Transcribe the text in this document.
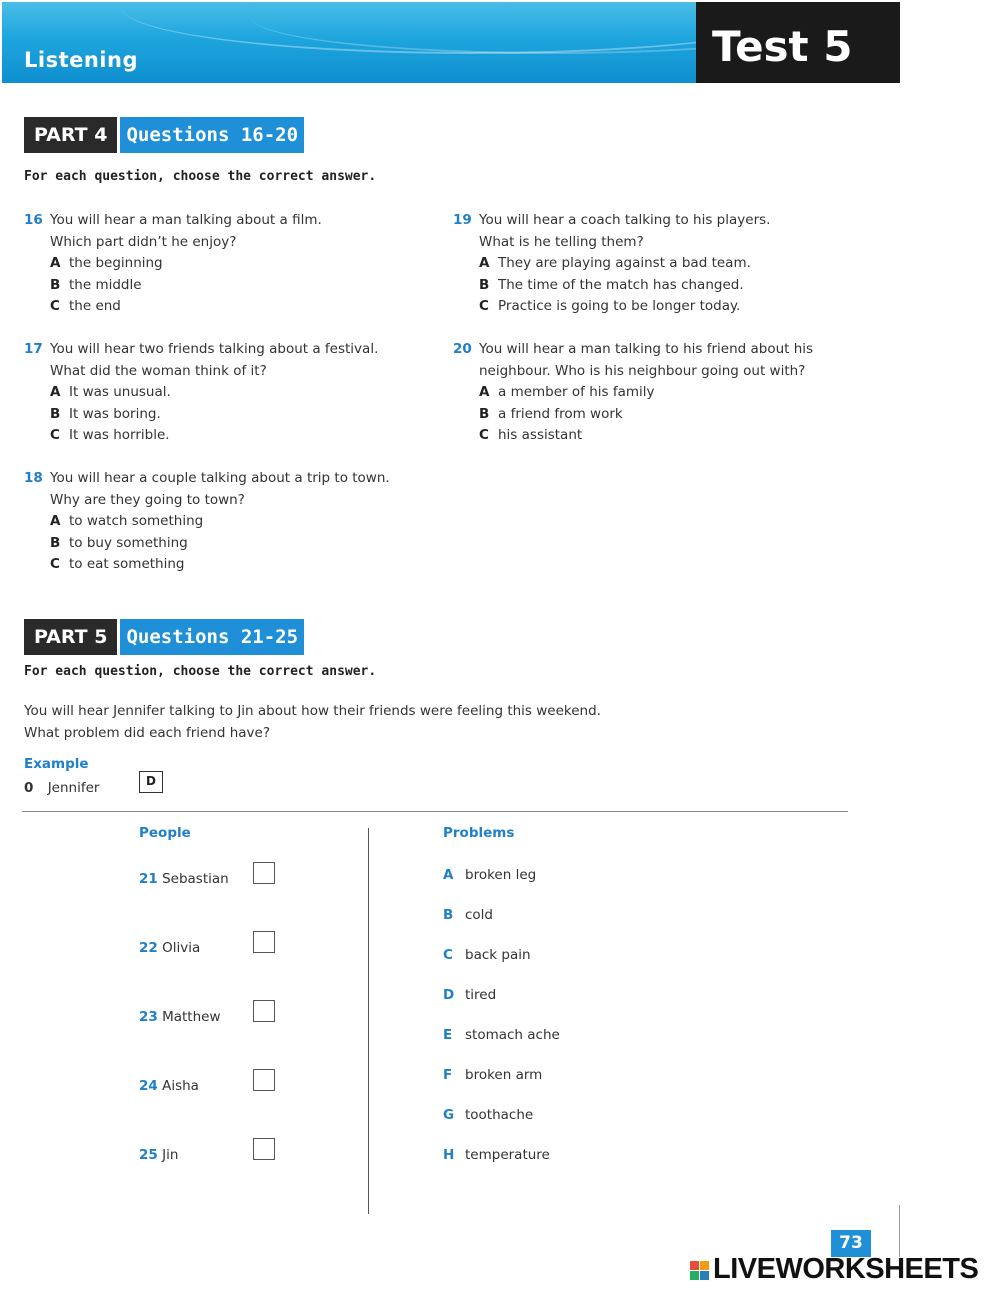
Listening	Test 5
PART 4	Questions 16-20
For each question, choose the correct answer.
16 You will hear a man talking about a film.
Which part didn’t he enjoy?
A the beginning
B the middle
C the end
17 You will hear two friends talking about a festival.
What did the woman think of it?
A It was unusual.
B It was boring.
C It was horrible.
18 You will hear a couple talking about a trip to town.
Why are they going to town?
A to watch something
B to buy something
C to eat something
19 You will hear a coach talking to his players.
What is he telling them?
A They are playing against a bad team.
B The time of the match has changed.
C Practice is going to be longer today.
20 You will hear a man talking to his friend about his
neighbour. Who is his neighbour going out with?
A a member of his family
B a friend from work
C his assistant
PART 5	Questions 21-25
For each question, choose the correct answer.
You will hear Jennifer talking to Jin about how their friends were feeling this weekend.
What problem did each friend have?
Example
0 Jennifer	D
People	Problems
21 Sebastian
22 Olivia
23 Matthew
24 Aisha
25 Jin
A broken leg
B cold
C back pain
D tired
E stomach ache
F broken arm
G toothache
H temperature
73
LIVEWORKSHEETS
